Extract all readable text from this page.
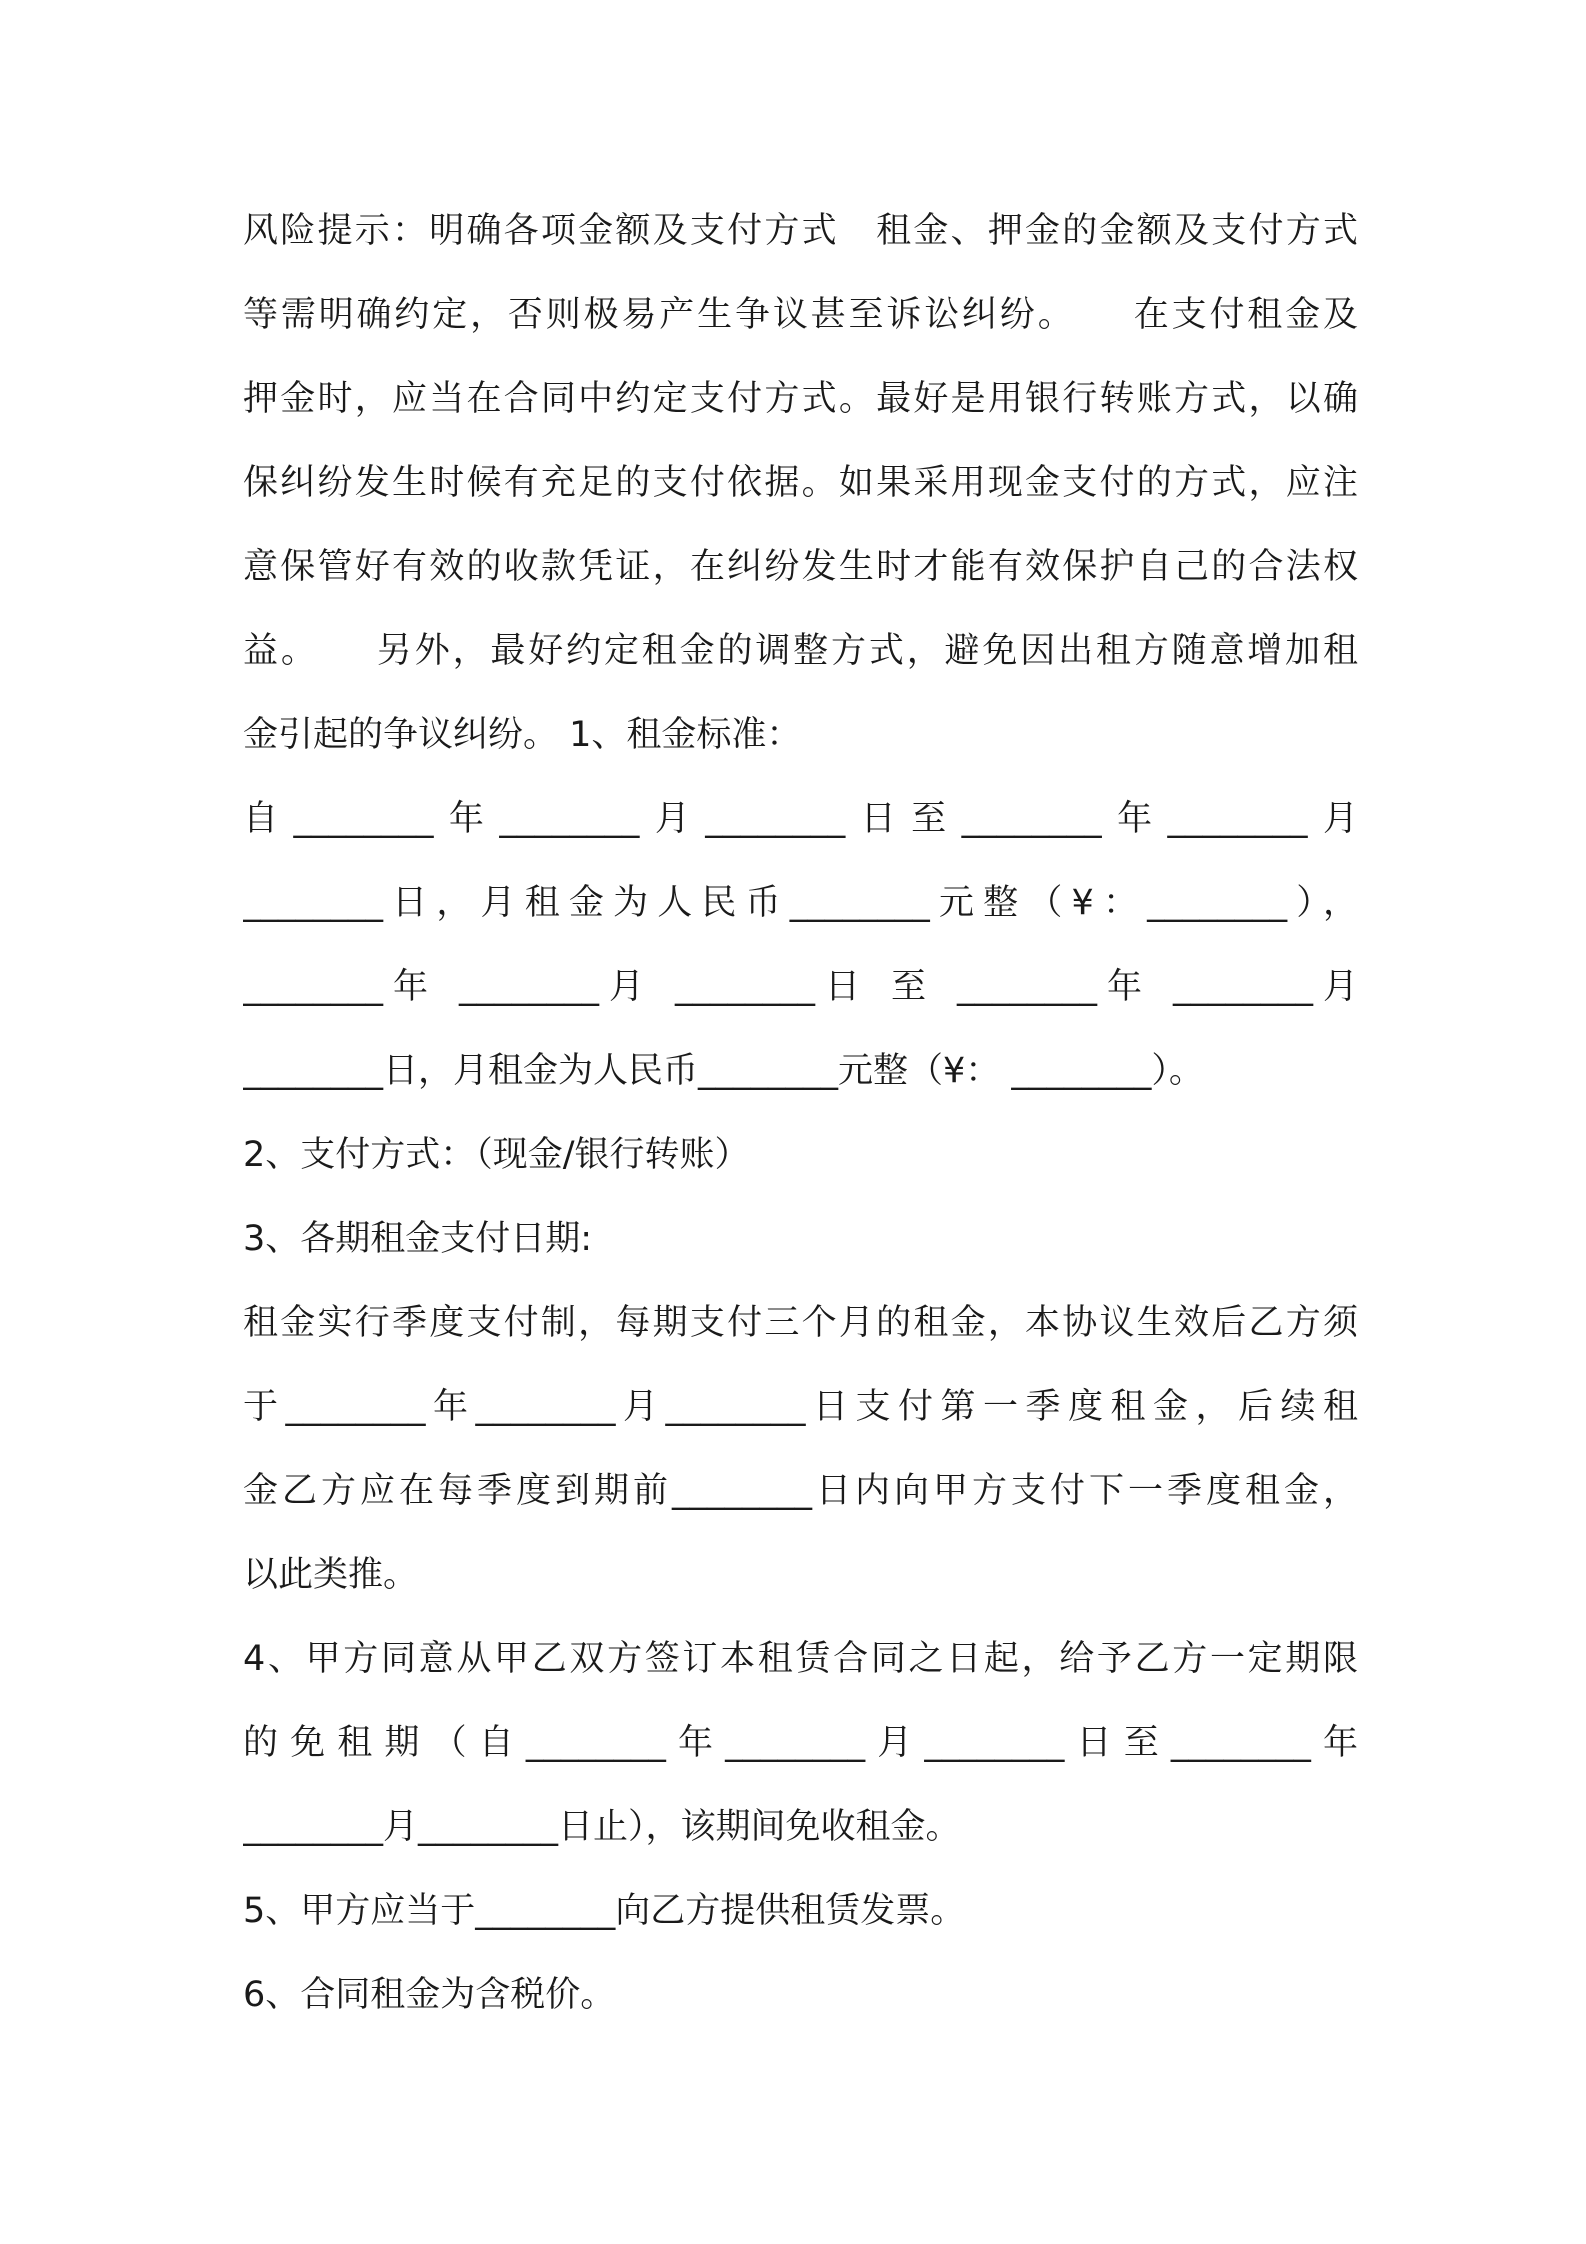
风险提示：明确各项金额及支付方式　租金、押金的金额及支付方式
等需明确约定，否则极易产生争议甚至诉讼纠纷。　　在支付租金及
押金时，应当在合同中约定支付方式。最好是用银行转账方式，以确
保纠纷发生时候有充足的支付依据。如果采用现金支付的方式，应注
意保管好有效的收款凭证，在纠纷发生时才能有效保护自己的合法权
益。　　另外，最好约定租金的调整方式，避免因出租方随意增加租
金引起的争议纠纷。 1、租金标准：
自________年________月________日至________年________月
________日，月租金为人民币________元整（¥：________），
________年 ________月 ________日 至 ________年 ________月
________日，月租金为人民币________元整（¥： ________）。
2、支付方式：（现金/银行转账）
3、各期租金支付日期:
租金实行季度支付制，每期支付三个月的租金，本协议生效后乙方须
于________年________月________日支付第一季度租金，后续租
金乙方应在每季度到期前________日内向甲方支付下一季度租金，
以此类推。
4、甲方同意从甲乙双方签订本租赁合同之日起，给予乙方一定期限
的免租期（自________年________月________日至________年
________月________日止），该期间免收租金。
5、甲方应当于________向乙方提供租赁发票。
6、合同租金为含税价。
